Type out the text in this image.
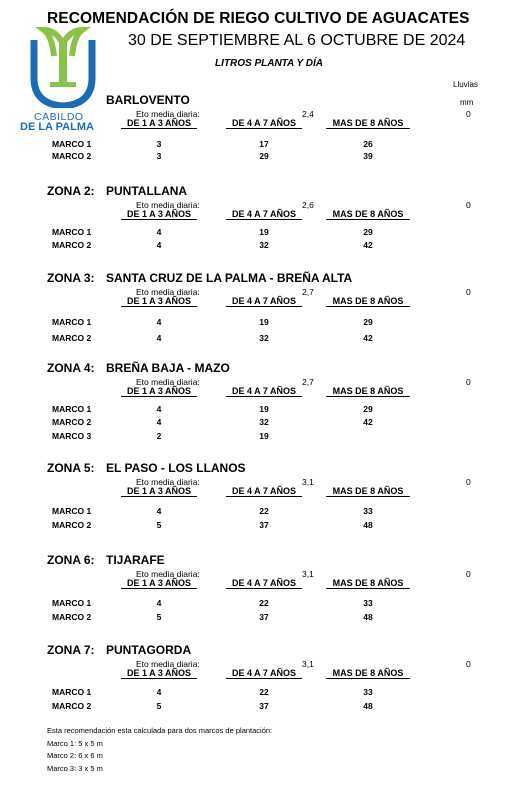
RECOMENDACIÓN DE RIEGO CULTIVO DE AGUACATES
30 DE SEPTIEMBRE AL 6 OCTUBRE DE 2024
LITROS PLANTA Y DÍA
Lluvias
mm
CABILDO
DE LA PALMA
BARLOVENTO
Eto media diaria:	2,4	0
DE 1 A 3 AÑOS	DE 4 A 7 AÑOS	MAS DE 8 AÑOS
MARCO 1	3	17	26
MARCO 2	3	29	39
ZONA 2: PUNTALLANA
Eto media diaria:	2,6	0
DE 1 A 3 AÑOS	DE 4 A 7 AÑOS	MAS DE 8 AÑOS
MARCO 1	4	19	29
MARCO 2	4	32	42
ZONA 3: SANTA CRUZ DE LA PALMA - BREÑA ALTA
Eto media diaria:	2,7	0
DE 1 A 3 AÑOS	DE 4 A 7 AÑOS	MAS DE 8 AÑOS
MARCO 1	4	19	29
MARCO 2	4	32	42
ZONA 4: BREÑA BAJA - MAZO
Eto media diaria:	2,7	0
DE 1 A 3 AÑOS	DE 4 A 7 AÑOS	MAS DE 8 AÑOS
MARCO 1	4	19	29
MARCO 2	4	32	42
MARCO 3	2	19
ZONA 5: EL PASO - LOS LLANOS
Eto media diaria:	3,1	0
DE 1 A 3 AÑOS	DE 4 A 7 AÑOS	MAS DE 8 AÑOS
MARCO 1	4	22	33
MARCO 2	5	37	48
ZONA 6: TIJARAFE
Eto media diaria:	3,1	0
DE 1 A 3 AÑOS	DE 4 A 7 AÑOS	MAS DE 8 AÑOS
MARCO 1	4	22	33
MARCO 2	5	37	48
ZONA 7: PUNTAGORDA
Eto media diaria:	3,1	0
DE 1 A 3 AÑOS	DE 4 A 7 AÑOS	MAS DE 8 AÑOS
MARCO 1	4	22	33
MARCO 2	5	37	48
Esta recomendación esta calculada para dos marcos de plantación:
Marco 1: 5 x 5 m
Marco 2: 6 x 6 m
Marco 3: 3 x 5 m
